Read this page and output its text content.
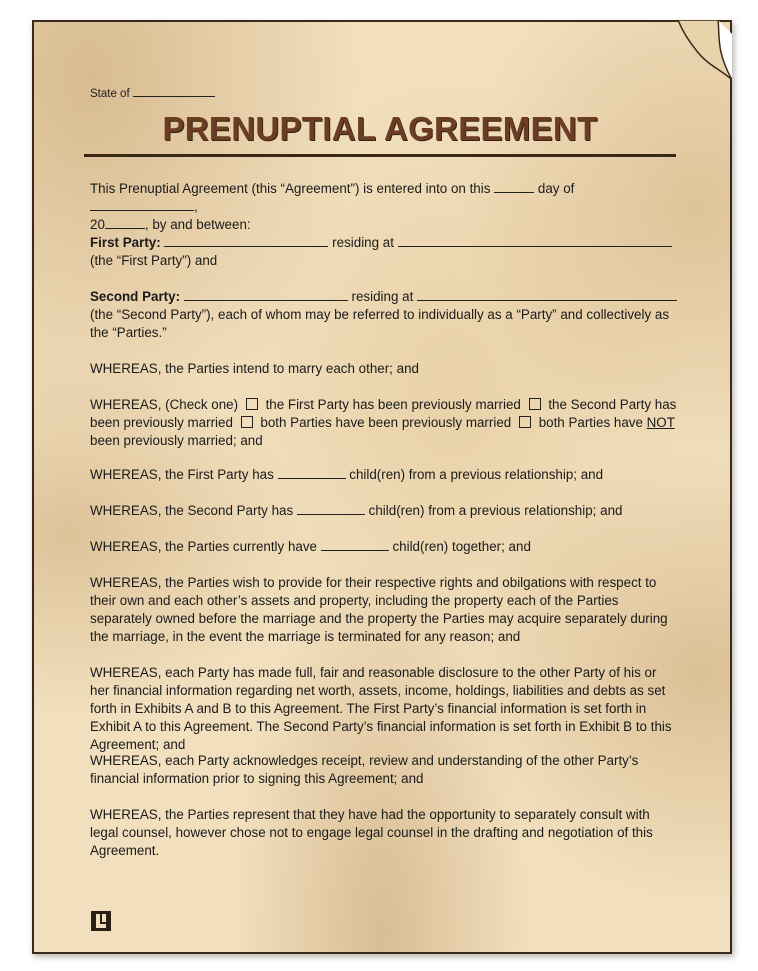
State of
PRENUPTIAL AGREEMENT
This Prenuptial Agreement (this “Agreement”) is entered into on this	day of ,
20	, by and between:
First Party:	residing at
(the “First Party”) and
Second Party:	residing at
(the “Second Party”), each of whom may be referred to individually as a “Party” and collectively as the “Parties.”
WHEREAS, the Parties intend to marry each other; and
WHEREAS, (Check one) the First Party has been previously married the Second Party has been previously married both Parties have been previously married both Parties have NOT been previously married; and
WHEREAS, the First Party has	child(ren) from a previous relationship; and
WHEREAS, the Second Party has	child(ren) from a previous relationship; and
WHEREAS, the Parties currently have	child(ren) together; and
WHEREAS, the Parties wish to provide for their respective rights and obilgations with respect to their own and each other’s assets and property, including the property each of the Parties separately owned before the marriage and the property the Parties may acquire separately during the marriage, in the event the marriage is terminated for any reason; and
WHEREAS, each Party has made full, fair and reasonable disclosure to the other Party of his or her financial information regarding net worth, assets, income, holdings, liabilities and debts as set forth in Exhibits A and B to this Agreement. The First Party’s financial information is set forth in Exhibit A to this Agreement. The Second Party’s financial information is set forth in Exhibit B to this Agreement; and
WHEREAS, each Party acknowledges receipt, review and understanding of the other Party’s financial information prior to signing this Agreement; and
WHEREAS, the Parties represent that they have had the opportunity to separately consult with legal counsel, however chose not to engage legal counsel in the drafting and negotiation of this Agreement.
